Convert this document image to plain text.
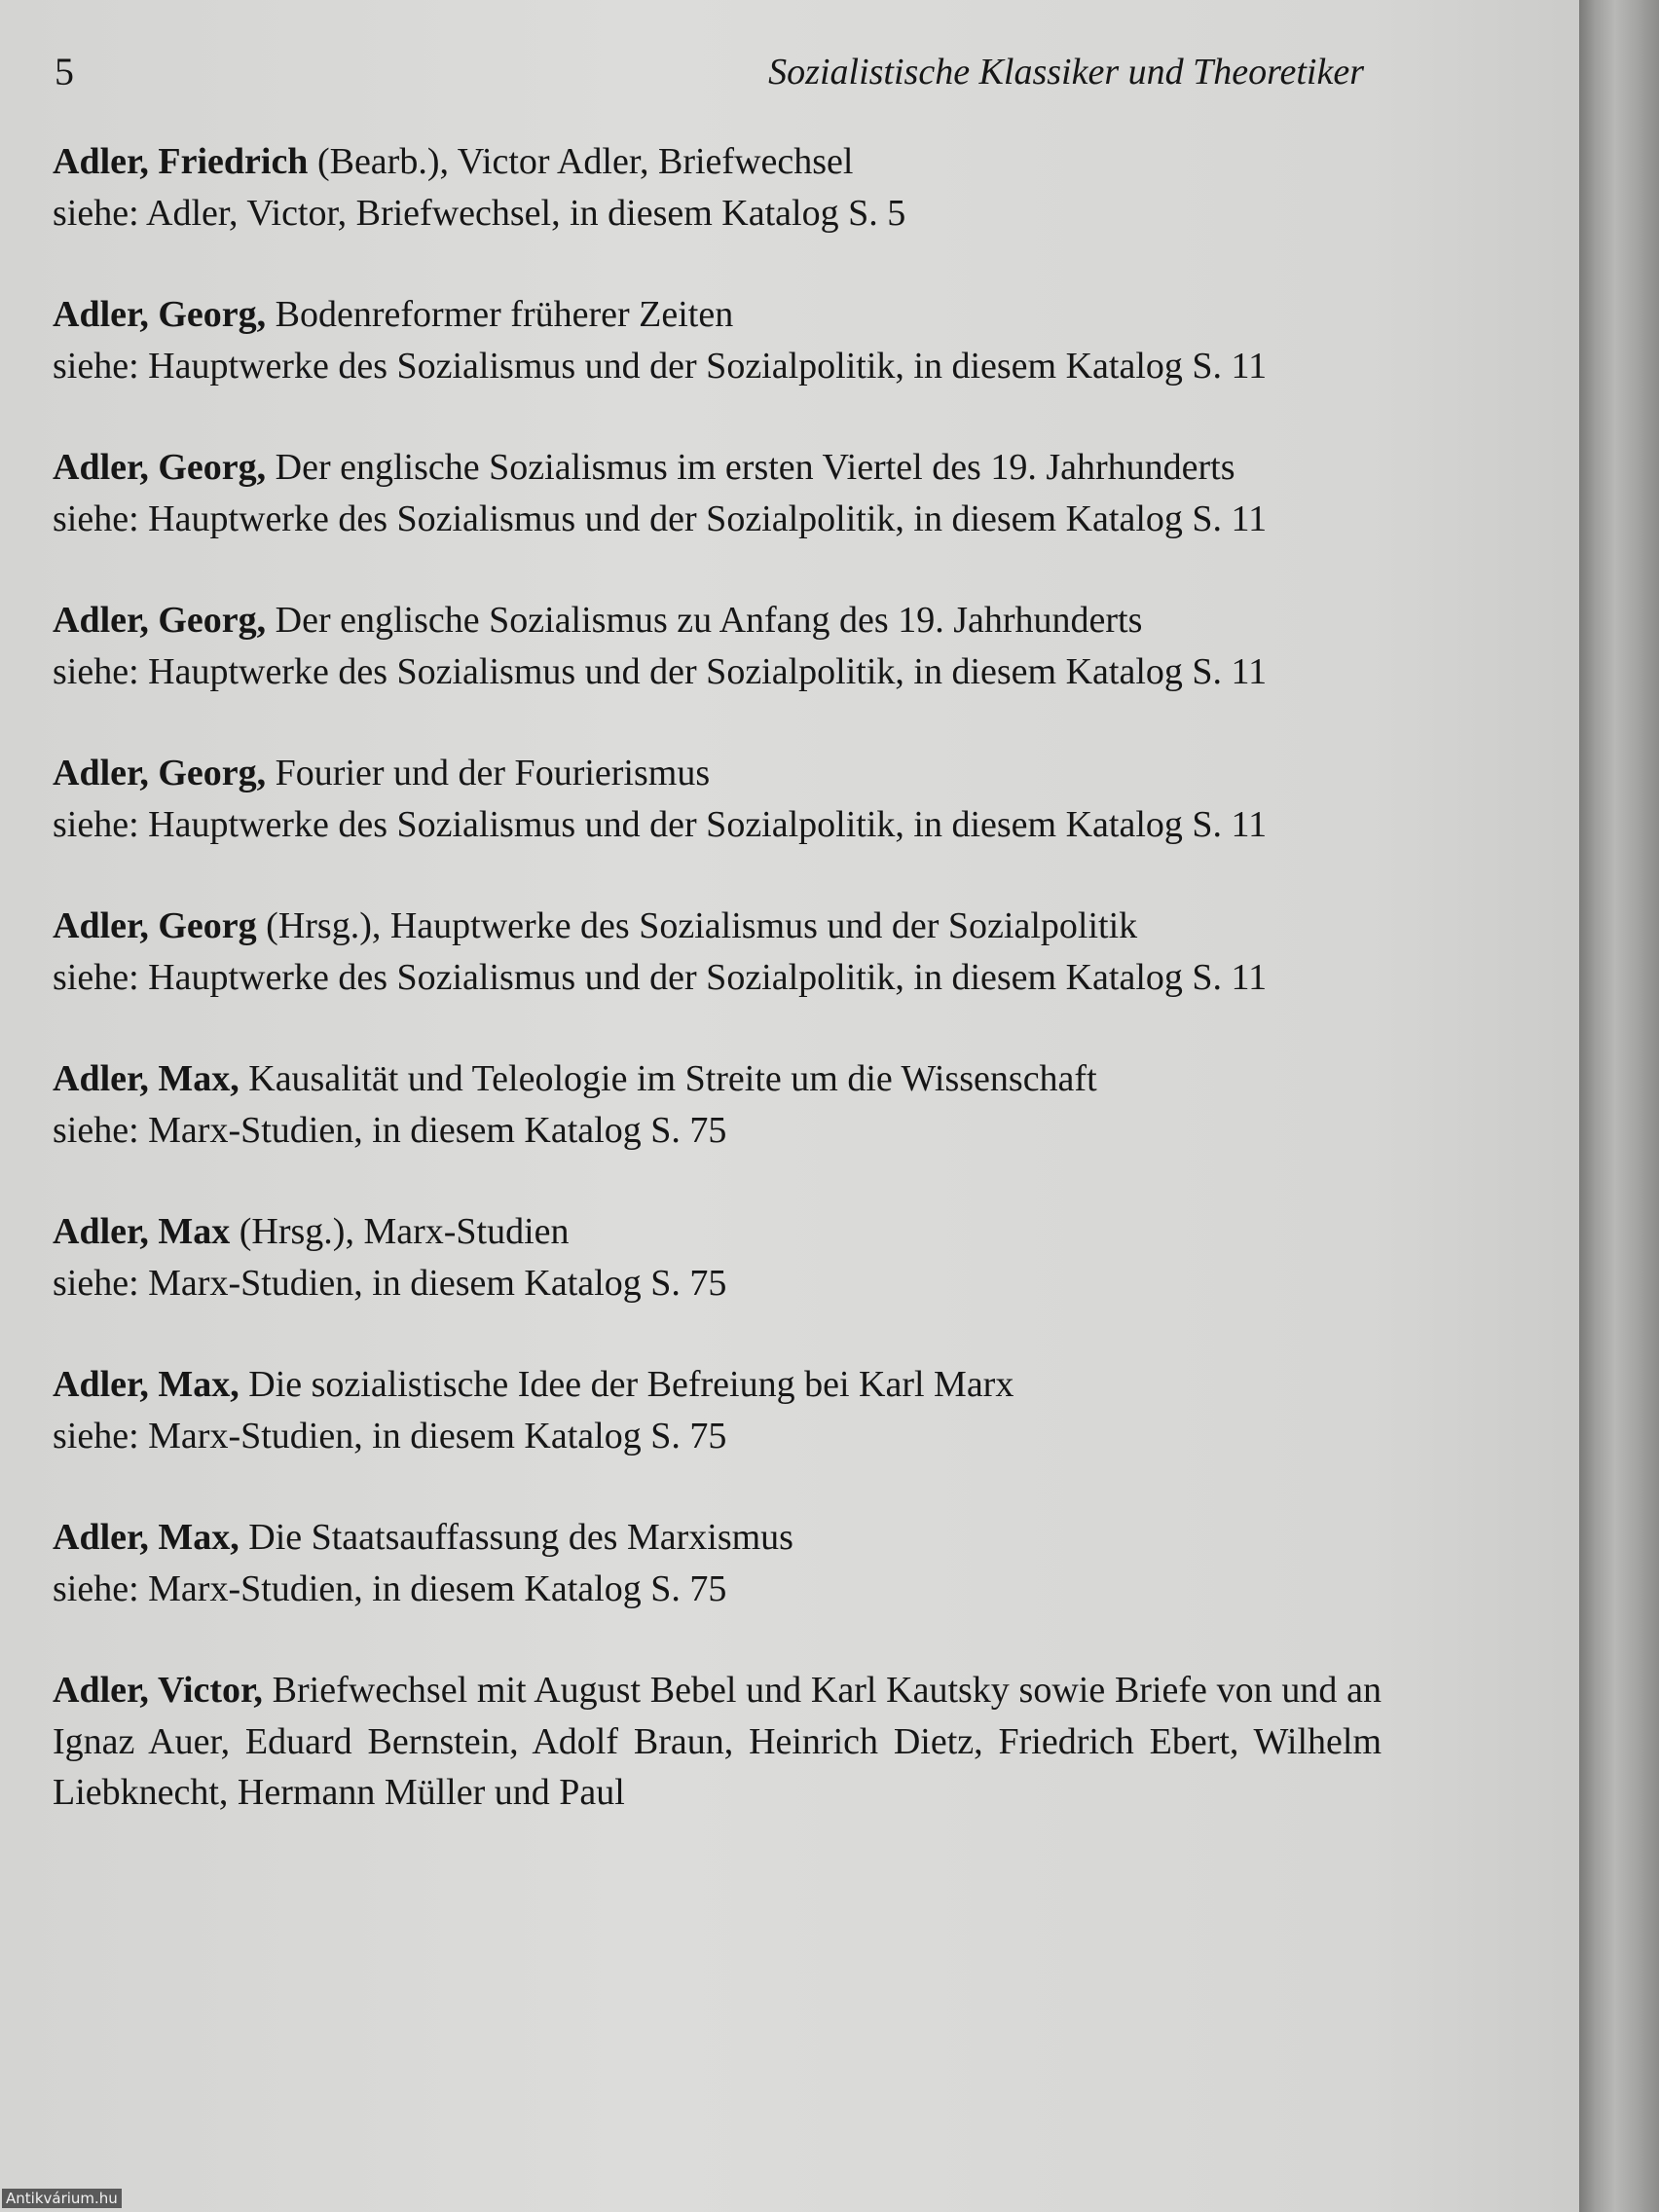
5	Sozialistische Klassiker und Theoretiker

Adler, Friedrich (Bearb.), Victor Adler, Briefwechsel

siehe: Adler, Victor, Briefwechsel, in diesem Katalog S. 5

Adler, Georg, Bodenreformer früherer Zeiten

siehe: Hauptwerke des Sozialismus und der Sozialpolitik, in diesem Katalog S. 11

Adler, Georg, Der englische Sozialismus im ersten Viertel des 19. Jahrhunderts

siehe: Hauptwerke des Sozialismus und der Sozialpolitik, in diesem Katalog S. 11

Adler, Georg, Der englische Sozialismus zu Anfang des 19. Jahrhunderts

siehe: Hauptwerke des Sozialismus und der Sozialpolitik, in diesem Katalog S. 11

Adler, Georg, Fourier und der Fourierismus

siehe: Hauptwerke des Sozialismus und der Sozialpolitik, in diesem Katalog S. 11

Adler, Georg (Hrsg.), Hauptwerke des Sozialismus und der Sozialpolitik

siehe: Hauptwerke des Sozialismus und der Sozialpolitik, in diesem Katalog S. 11

Adler, Max, Kausalität und Teleologie im Streite um die Wissenschaft

siehe: Marx-Studien, in diesem Katalog S. 75

Adler, Max (Hrsg.), Marx-Studien

siehe: Marx-Studien, in diesem Katalog S. 75

Adler, Max, Die sozialistische Idee der Befreiung bei Karl Marx

siehe: Marx-Studien, in diesem Katalog S. 75

Adler, Max, Die Staatsauffassung des Marxismus

siehe: Marx-Studien, in diesem Katalog S. 75

Adler, Victor, Briefwechsel mit August Bebel und Karl Kautsky sowie Briefe von und an Ignaz Auer, Eduard Bernstein, Adolf Braun, Heinrich Dietz, Friedrich Ebert, Wilhelm Liebknecht, Hermann Müller und Paul

Antikvárium.hu
